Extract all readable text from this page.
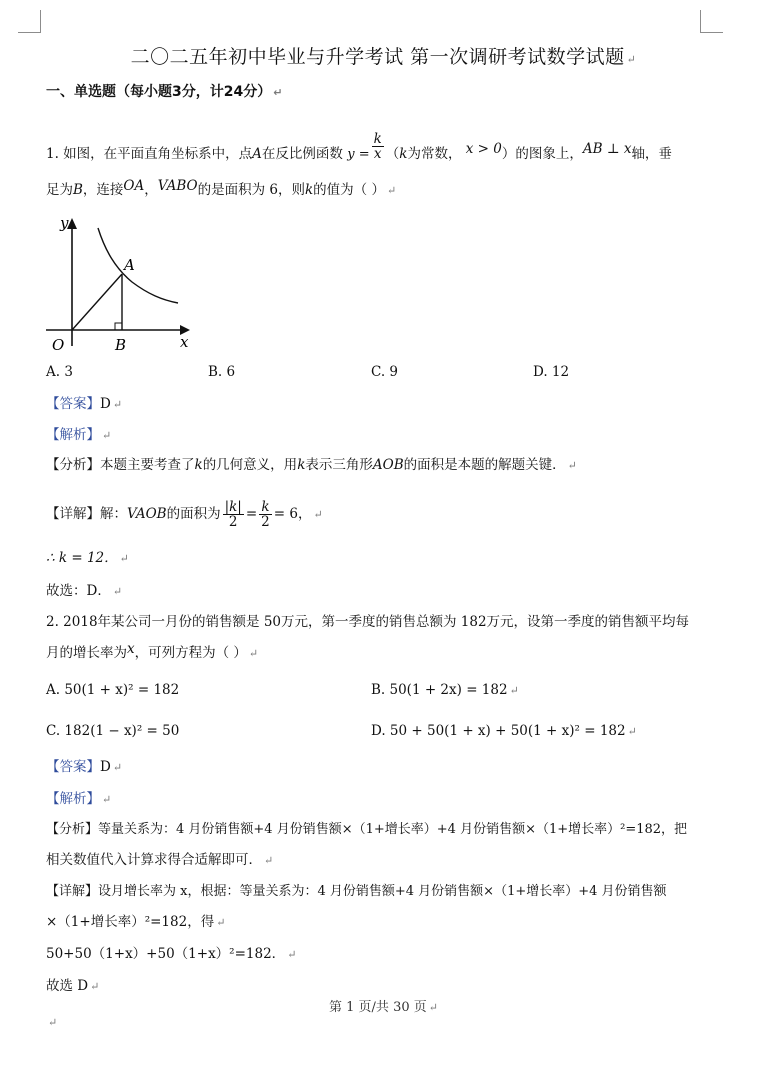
二〇二五年初中毕业与升学考试 第一次调研考试数学试题 ↵
一、单选题（每小题3分，计24分） ↵
1. 如图，在平面直角坐标系中，点A在反比例函数 $y = \frac{k}{x} (k$为常数， x > 0）的图象上，AB ⊥ x轴，垂
足为B，连接OA，VABO的是面积为 6，则k的值为（ ） ↵
y
x
A
O	B
A. 3	B. 6	C. 9	D. 12
【答案】D ↵
【解析】 ↵
【分析】本题主要考查了k的几何意义，用k表示三角形AOB的面积是本题的解题关键． ↵
【详解】解：VAOB的面积为 $\frac{|k|}{2} = \frac{k}{2} = 6$， ↵
∴ k = 12． ↵
故选：D． ↵
2. 2018年某公司一月份的销售额是 50万元，第一季度的销售总额为 182万元，设第一季度的销售额平均每
月的增长率为x，可列方程为（ ） ↵
A. 50(1 + x)² = 182	B. 50(1 + 2x) = 182 ↵
C. 182(1 − x)² = 50	D. 50 + 50(1 + x) + 50(1 + x)² = 182 ↵
【答案】D ↵
【解析】 ↵
【分析】等量关系为：4 月份销售额+4 月份销售额×（1+增长率）+4 月份销售额×（1+增长率）²=182，把
相关数值代入计算求得合适解即可． ↵
【详解】设月增长率为 x，根据：等量关系为：4 月份销售额+4 月份销售额×（1+增长率）+4 月份销售额
×（1+增长率）²=182，得 ↵
50+50（1+x）+50（1+x）²=182． ↵
故选 D ↵
第 1 页/共 30 页 ↵
↵
